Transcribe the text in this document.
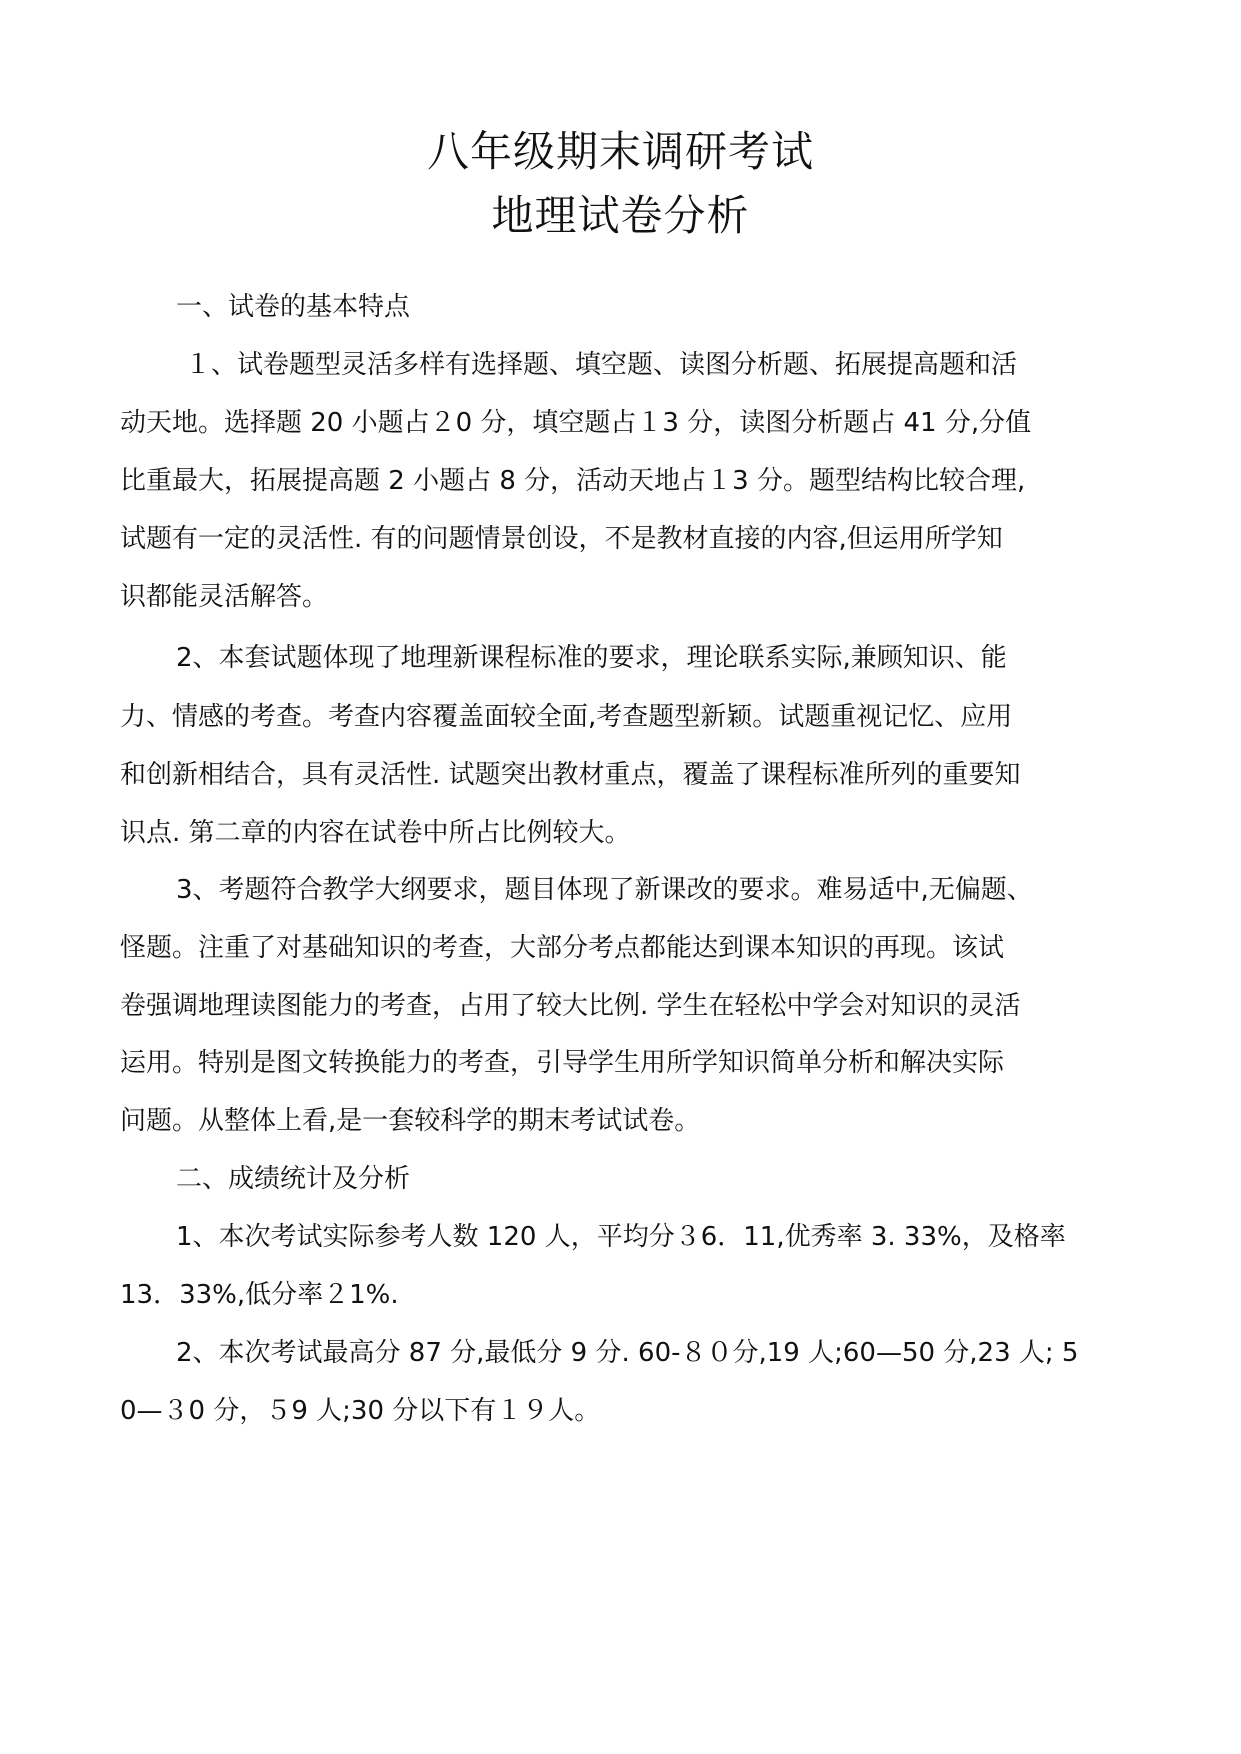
八年级期末调研考试
地理试卷分析

一、试卷的基本特点

１、试卷题型灵活多样有选择题、填空题、读图分析题、拓展提高题和活

动天地。选择题 20 小题占２0 分，填空题占１3 分，读图分析题占 41 分,分值

比重最大，拓展提高题 2 小题占 8 分，活动天地占１3 分。题型结构比较合理,

试题有一定的灵活性. 有的问题情景创设，不是教材直接的内容,但运用所学知

识都能灵活解答。

2、本套试题体现了地理新课程标准的要求，理论联系实际,兼顾知识、能

力、情感的考查。考查内容覆盖面较全面,考查题型新颖。试题重视记忆、应用

和创新相结合，具有灵活性. 试题突出教材重点，覆盖了课程标准所列的重要知

识点. 第二章的内容在试卷中所占比例较大。

3、考题符合教学大纲要求，题目体现了新课改的要求。难易适中,无偏题、

怪题。注重了对基础知识的考查，大部分考点都能达到课本知识的再现。该试

卷强调地理读图能力的考查，占用了较大比例. 学生在轻松中学会对知识的灵活

运用。特别是图文转换能力的考查，引导学生用所学知识简单分析和解决实际

问题。从整体上看,是一套较科学的期末考试试卷。

二、成绩统计及分析

1、本次考试实际参考人数 120 人，平均分３6．11,优秀率 3. 33%，及格率

13．33%,低分率２1%.

2、本次考试最高分 87 分,最低分 9 分. 60-８０分,19 人;60—50 分,23 人; 5

0—３0 分，５9 人;30 分以下有１９人。
